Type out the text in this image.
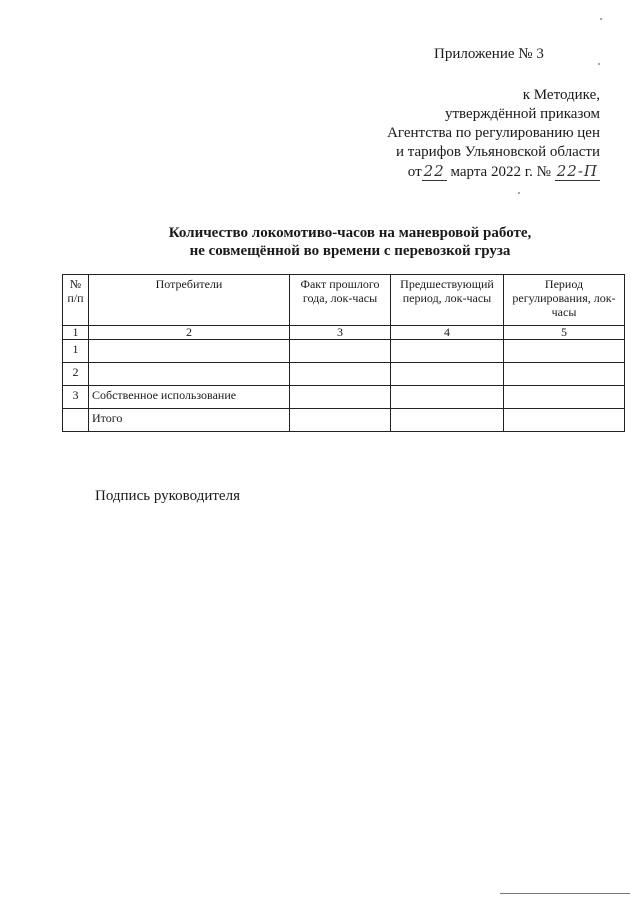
Приложение № 3
к Методике,
утверждённой приказом
Агентства по регулированию цен
и тарифов Ульяновской области
от 22 марта 2022 г. № 22-П
Количество локомотиво-часов на маневровой работе,
не совмещённой во времени с перевозкой груза
№ п/п	Потребители	Факт прошлого года, лок-часы	Предшествующий период, лок-часы	Период регулирования, лок-часы
1	2	3	4	5
1				
2				
3	Собственное использование			
	Итого			
Подпись руководителя
